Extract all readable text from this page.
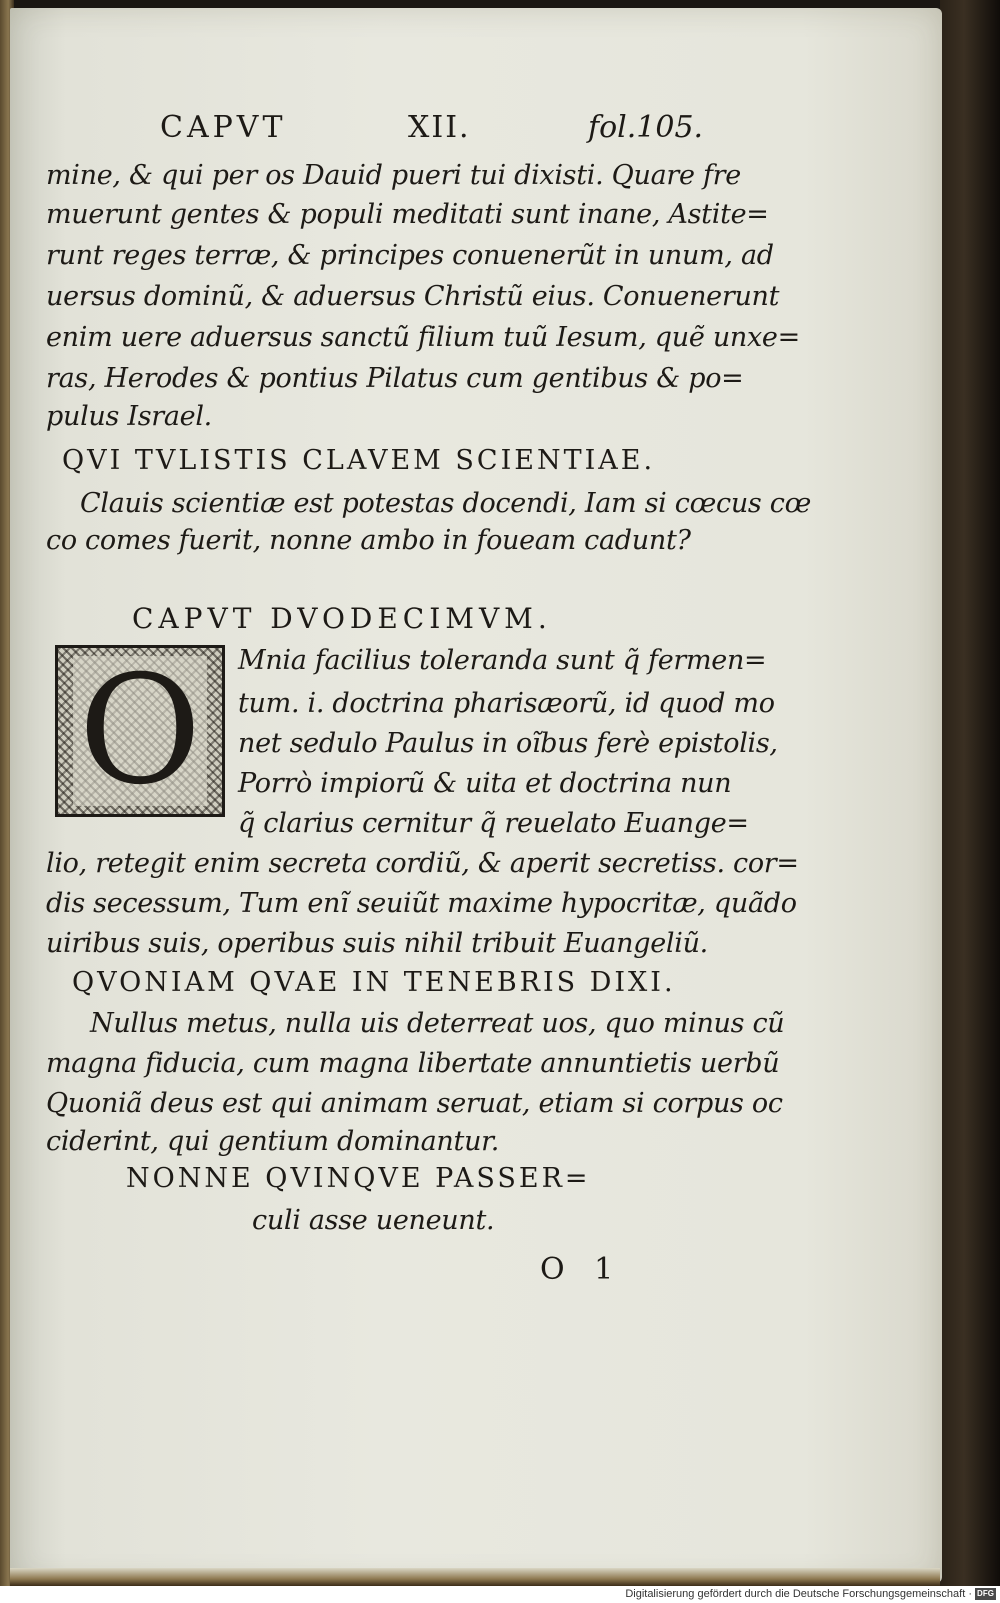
CAPVT	XII.	fol.105.
mine, & qui per os Dauid pueri tui dixisti. Quare fre
muerunt gentes & populi meditati sunt inane, Astite=
runt reges terræ, & principes conuenerũt in unum, ad
uersus dominũ, & aduersus Christũ eius. Conuenerunt
enim uere aduersus sanctũ filium tuũ Iesum, quẽ unxe=
ras, Herodes & pontius Pilatus cum gentibus & po=
pulus Israel.
QVI TVLISTIS CLAVEM SCIENTIAE.
Clauis scientiæ est potestas docendi, Iam si cœcus cœ
co comes fuerit, nonne ambo in foueam cadunt?
CAPVT DVODECIMVM.
O Mnia facilius toleranda sunt q̃ fermen=
tum. i. doctrina pharisæorũ, id quod mo
net sedulo Paulus in oĩbus ferè epistolis,
Porrò impiorũ & uita et doctrina nun
q̃ clarius cernitur q̃ reuelato Euange=
lio, retegit enim secreta cordiũ, & aperit secretiss. cor=
dis secessum, Tum enĩ seuiũt maxime hypocritæ, quãdo
uiribus suis, operibus suis nihil tribuit Euangeliũ.
QVONIAM QVAE IN TENEBRIS DIXI.
Nullus metus, nulla uis deterreat uos, quo minus cũ
magna fiducia, cum magna libertate annuntietis uerbũ
Quoniã deus est qui animam seruat, etiam si corpus oc
ciderint, qui gentium dominantur.
NONNE QVINQVE PASSER=
culi asse ueneunt.
O 1
Digitalisierung gefördert durch die Deutsche Forschungsgemeinschaft · DFG
